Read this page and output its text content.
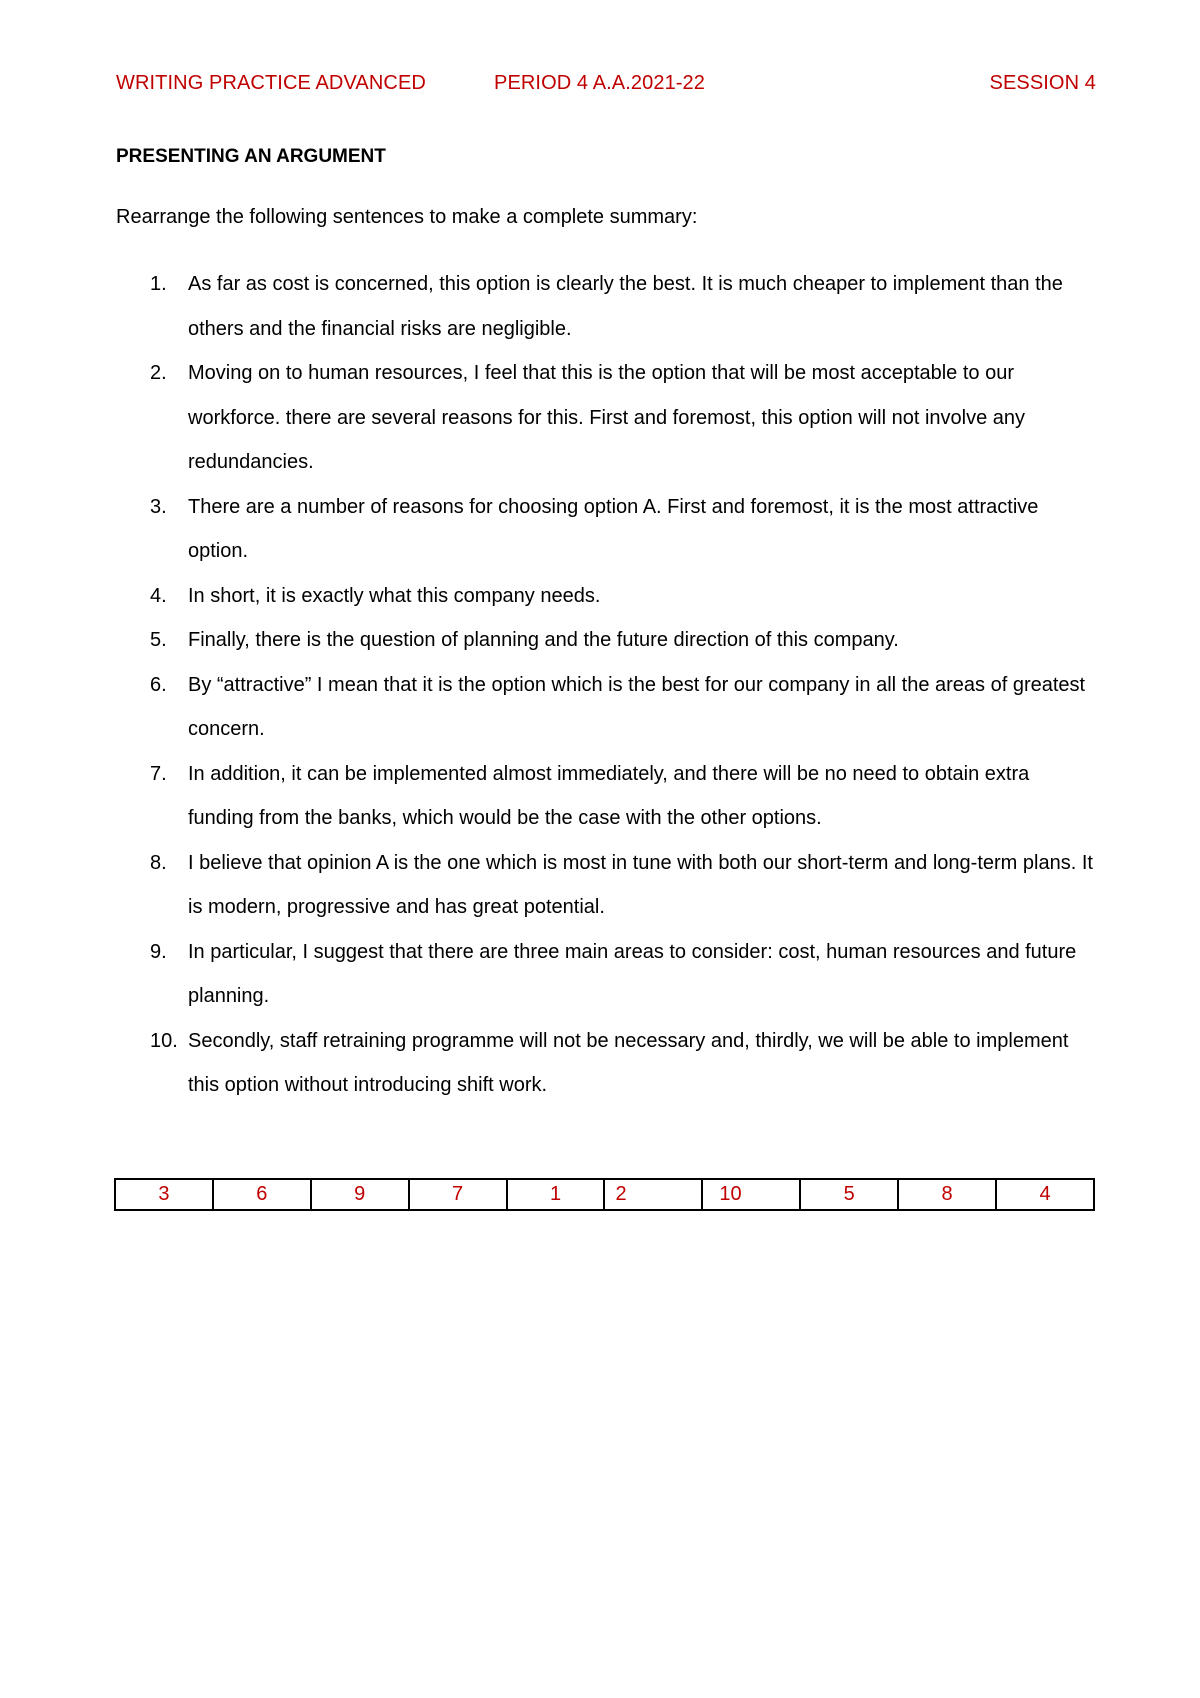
WRITING PRACTICE ADVANCED	PERIOD 4 A.A.2021-22	SESSION 4
PRESENTING AN ARGUMENT
Rearrange the following sentences to make a complete summary:
1. As far as cost is concerned, this option is clearly the best. It is much cheaper to implement than the others and the financial risks are negligible.
2. Moving on to human resources, I feel that this is the option that will be most acceptable to our workforce. there are several reasons for this. First and foremost, this option will not involve any redundancies.
3. There are a number of reasons for choosing option A. First and foremost, it is the most attractive option.
4. In short, it is exactly what this company needs.
5. Finally, there is the question of planning and the future direction of this company.
6. By “attractive” I mean that it is the option which is the best for our company in all the areas of greatest concern.
7. In addition, it can be implemented almost immediately, and there will be no need to obtain extra funding from the banks, which would be the case with the other options.
8. I believe that opinion A is the one which is most in tune with both our short-term and long-term plans. It is modern, progressive and has great potential.
9. In particular, I suggest that there are three main areas to consider: cost, human resources and future planning.
10. Secondly, staff retraining programme will not be necessary and, thirdly, we will be able to implement this option without introducing shift work.
3	6	9	7	1	2	10	5	8	4
